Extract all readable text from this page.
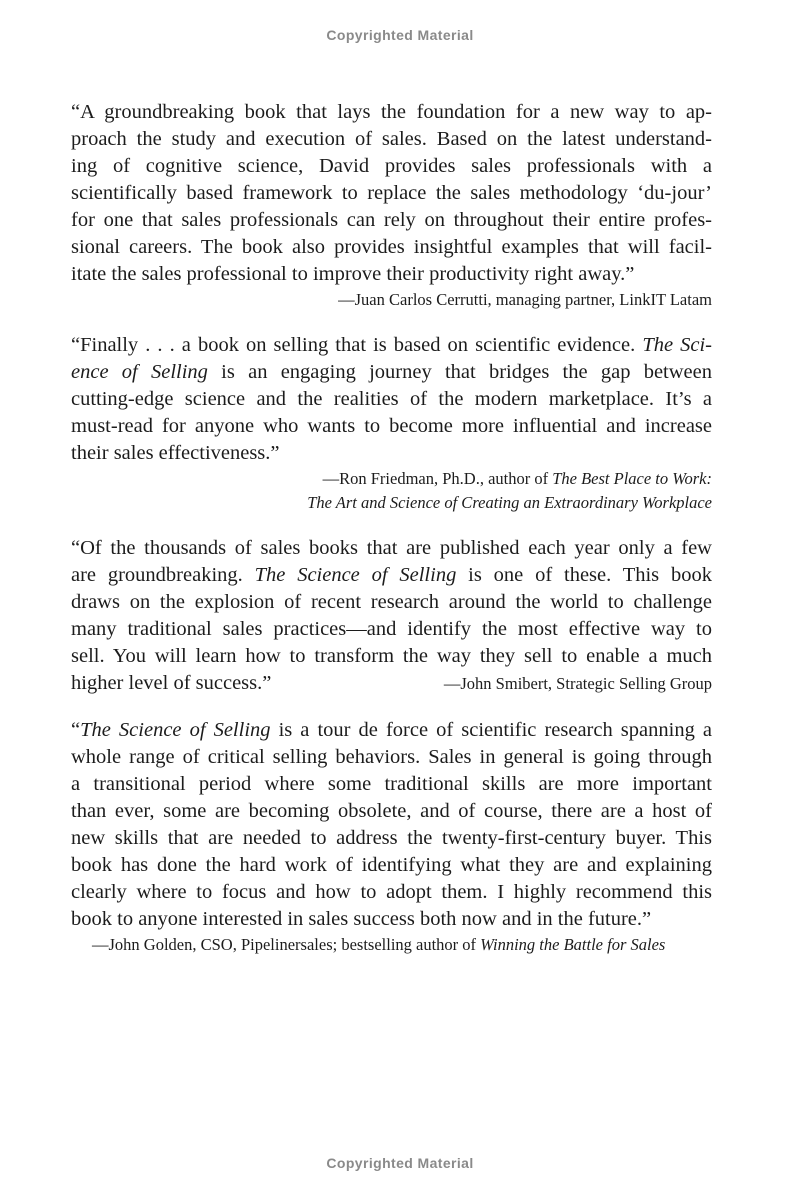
Copyrighted Material
“A groundbreaking book that lays the foundation for a new way to ap-
proach the study and execution of sales. Based on the latest understand-
ing of cognitive science, David provides sales professionals with a
scientifically based framework to replace the sales methodology ‘du-jour’
for one that sales professionals can rely on throughout their entire profes-
sional careers. The book also provides insightful examples that will facil-
itate the sales professional to improve their productivity right away.”
—Juan Carlos Cerrutti, managing partner, LinkIT Latam
“Finally . . . a book on selling that is based on scientific evidence. The Sci-
ence of Selling is an engaging journey that bridges the gap between
cutting-edge science and the realities of the modern marketplace. It’s a
must-read for anyone who wants to become more influential and increase
their sales effectiveness.”
—Ron Friedman, Ph.D., author of The Best Place to Work:
The Art and Science of Creating an Extraordinary Workplace
“Of the thousands of sales books that are published each year only a few
are groundbreaking. The Science of Selling is one of these. This book
draws on the explosion of recent research around the world to challenge
many traditional sales practices—and identify the most effective way to
sell. You will learn how to transform the way they sell to enable a much
higher level of success.”	—John Smibert, Strategic Selling Group
“The Science of Selling is a tour de force of scientific research spanning a
whole range of critical selling behaviors. Sales in general is going through
a transitional period where some traditional skills are more important
than ever, some are becoming obsolete, and of course, there are a host of
new skills that are needed to address the twenty-first-century buyer. This
book has done the hard work of identifying what they are and explaining
clearly where to focus and how to adopt them. I highly recommend this
book to anyone interested in sales success both now and in the future.”
—John Golden, CSO, Pipelinersales; bestselling author of Winning the Battle for Sales
Copyrighted Material
